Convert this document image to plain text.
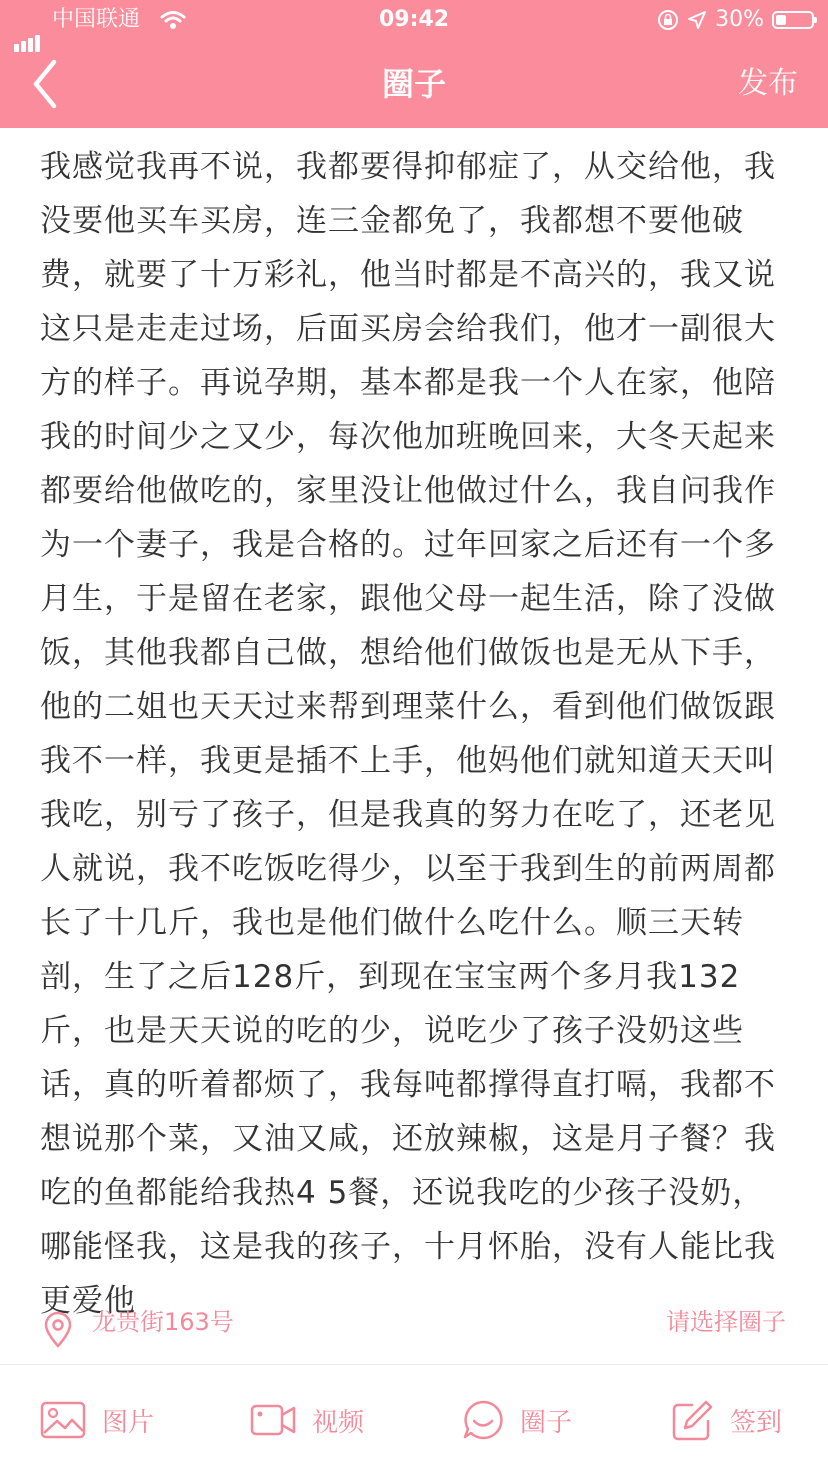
中国联通	09:42	30%
圈子	发布
我感觉我再不说，我都要得抑郁症了，从交给他，我没要他买车买房，连三金都免了，我都想不要他破费，就要了十万彩礼，他当时都是不高兴的，我又说这只是走走过场，后面买房会给我们，他才一副很大方的样子。再说孕期，基本都是我一个人在家，他陪我的时间少之又少，每次他加班晚回来，大冬天起来都要给他做吃的，家里没让他做过什么，我自问我作为一个妻子，我是合格的。过年回家之后还有一个多月生，于是留在老家，跟他父母一起生活，除了没做饭，其他我都自己做，想给他们做饭也是无从下手，他的二姐也天天过来帮到理菜什么，看到他们做饭跟我不一样，我更是插不上手，他妈他们就知道天天叫我吃，别亏了孩子，但是我真的努力在吃了，还老见人就说，我不吃饭吃得少，以至于我到生的前两周都长了十几斤，我也是他们做什么吃什么。顺三天转剖，生了之后128斤，到现在宝宝两个多月我132斤，也是天天说的吃的少，说吃少了孩子没奶这些话，真的听着都烦了，我每吨都撑得直打嗝，我都不想说那个菜，又油又咸，还放辣椒，这是月子餐？我吃的鱼都能给我热4 5餐，还说我吃的少孩子没奶，哪能怪我，这是我的孩子，十月怀胎，没有人能比我更爱他
龙贵街163号	请选择圈子
图片	视频	圈子	签到
